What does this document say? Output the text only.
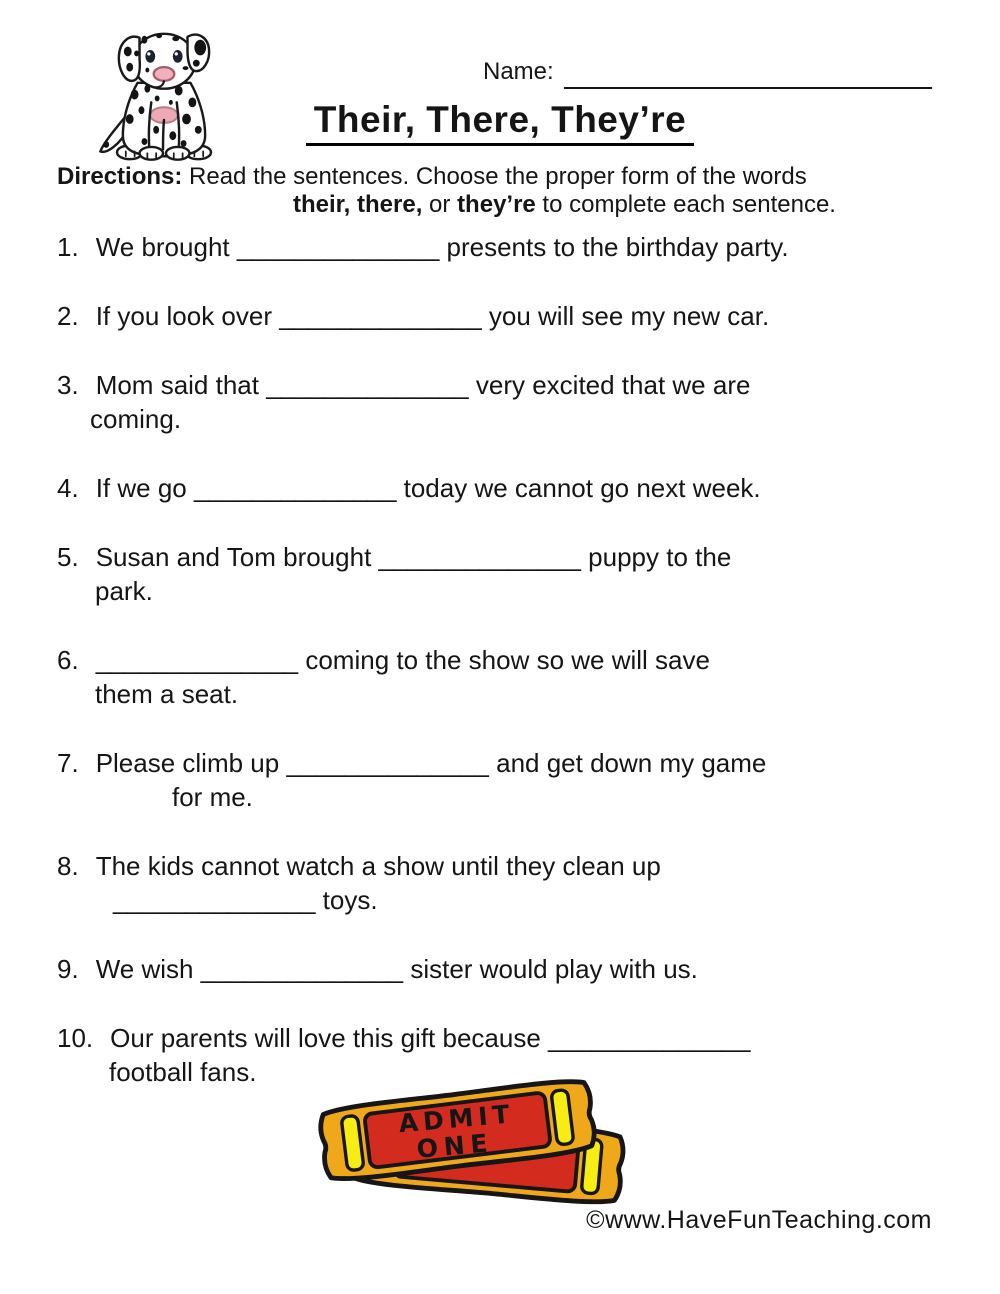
Name:
Their, There, They’re
Directions: Read the sentences. Choose the proper form of the words
their, there, or they’re to complete each sentence.
1. We brought ______________ presents to the birthday party.
2. If you look over ______________ you will see my new car.
3. Mom said that ______________ very excited that we are
coming.
4. If we go ______________ today we cannot go next week.
5. Susan and Tom brought ______________ puppy to the
park.
6. ______________ coming to the show so we will save
them a seat.
7. Please climb up ______________ and get down my game
for me.
8. The kids cannot watch a show until they clean up
______________ toys.
9. We wish ______________ sister would play with us.
10. Our parents will love this gift because ______________
football fans.
ADMIT
ONE
©www.HaveFunTeaching.com
